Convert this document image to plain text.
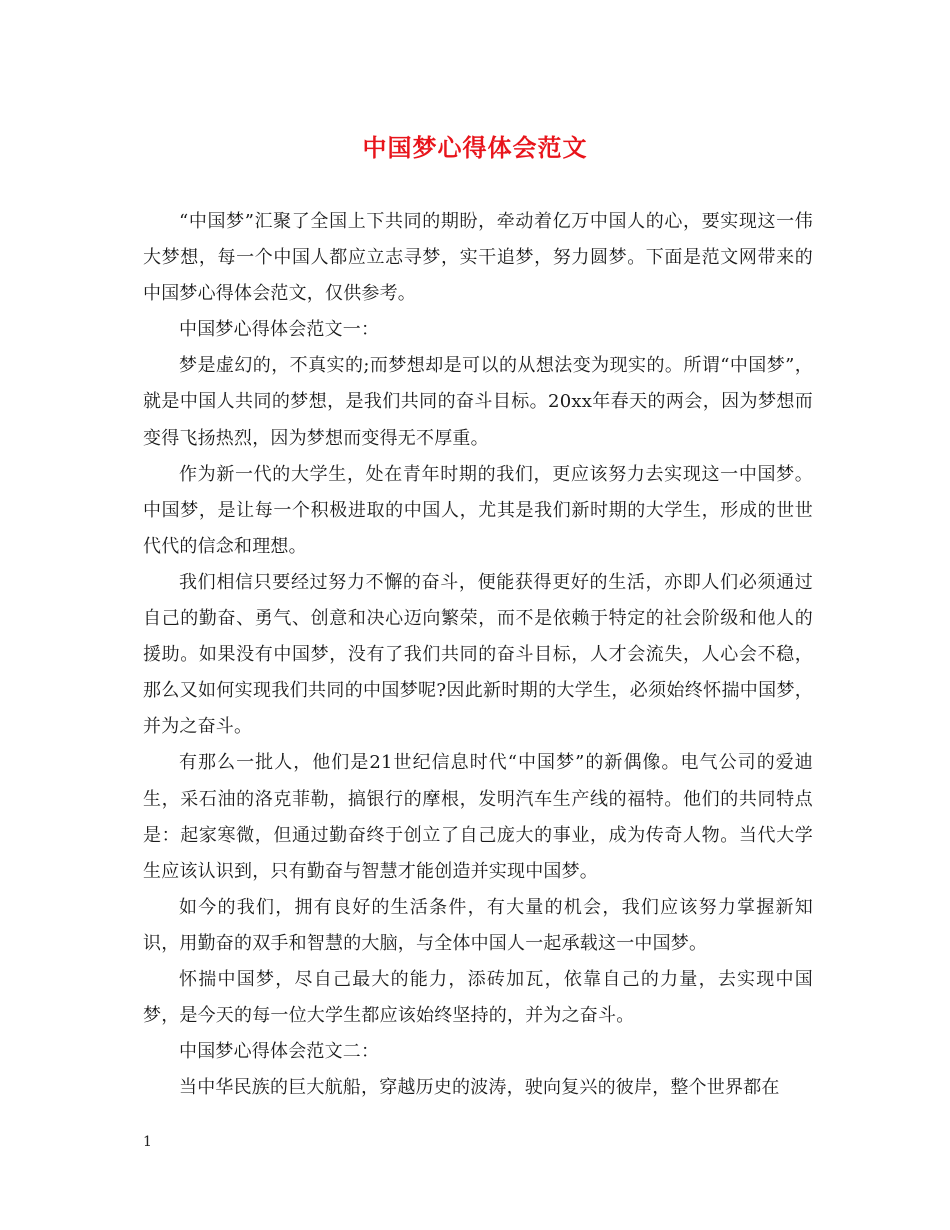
中国梦心得体会范文

“中国梦”汇聚了全国上下共同的期盼，牵动着亿万中国人的心，要实现这一伟大梦想，每一个中国人都应立志寻梦，实干追梦，努力圆梦。下面是范文网带来的中国梦心得体会范文，仅供参考。

中国梦心得体会范文一：

梦是虚幻的，不真实的;而梦想却是可以的从想法变为现实的。所谓“中国梦”，就是中国人共同的梦想，是我们共同的奋斗目标。20xx年春天的两会，因为梦想而变得飞扬热烈，因为梦想而变得无不厚重。

作为新一代的大学生，处在青年时期的我们，更应该努力去实现这一中国梦。中国梦，是让每一个积极进取的中国人，尤其是我们新时期的大学生，形成的世世代代的信念和理想。

我们相信只要经过努力不懈的奋斗，便能获得更好的生活，亦即人们必须通过自己的勤奋、勇气、创意和决心迈向繁荣，而不是依赖于特定的社会阶级和他人的援助。如果没有中国梦，没有了我们共同的奋斗目标，人才会流失，人心会不稳，那么又如何实现我们共同的中国梦呢?因此新时期的大学生，必须始终怀揣中国梦，并为之奋斗。

有那么一批人，他们是21世纪信息时代“中国梦”的新偶像。电气公司的爱迪生，采石油的洛克菲勒，搞银行的摩根，发明汽车生产线的福特。他们的共同特点是：起家寒微，但通过勤奋终于创立了自己庞大的事业，成为传奇人物。当代大学生应该认识到，只有勤奋与智慧才能创造并实现中国梦。

如今的我们，拥有良好的生活条件，有大量的机会，我们应该努力掌握新知识，用勤奋的双手和智慧的大脑，与全体中国人一起承载这一中国梦。

怀揣中国梦，尽自己最大的能力，添砖加瓦，依靠自己的力量，去实现中国梦，是今天的每一位大学生都应该始终坚持的，并为之奋斗。

中国梦心得体会范文二：

当中华民族的巨大航船，穿越历史的波涛，驶向复兴的彼岸，整个世界都在

1
